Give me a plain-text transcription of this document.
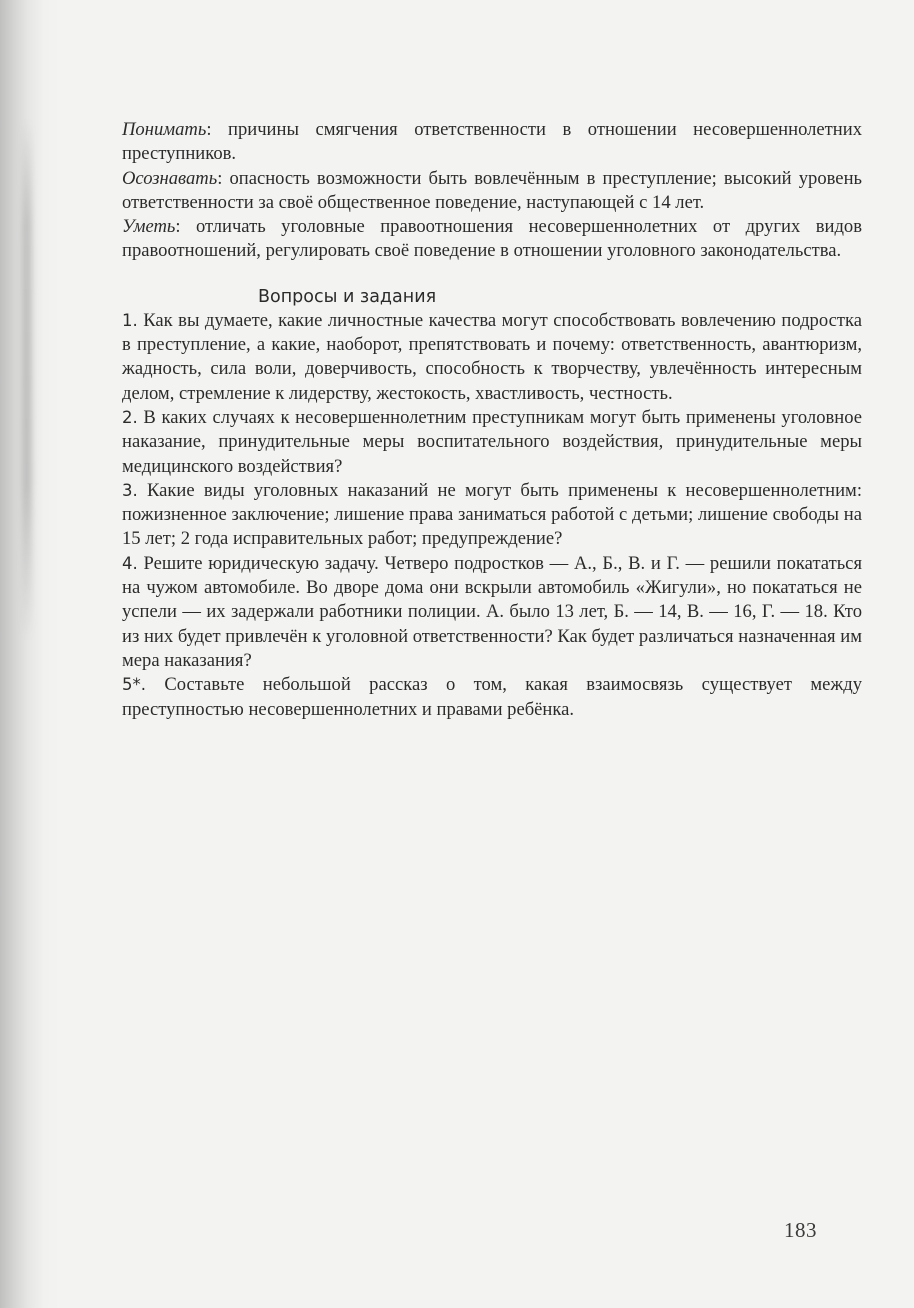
Понимать: причины смягчения ответственности в отношении несовершеннолетних преступников.

Осознавать: опасность возможности быть вовлечённым в преступление; высокий уровень ответственности за своё общественное поведение, наступающей с 14 лет.

Уметь: отличать уголовные правоотношения несовершеннолетних от других видов правоотношений, регулировать своё поведение в отношении уголовного законодательства.

Вопросы и задания
1. Как вы думаете, какие личностные качества могут способствовать вовлечению подростка в преступление, а какие, наоборот, препятствовать и почему: ответственность, авантюризм, жадность, сила воли, доверчивость, способность к творчеству, увлечённость интересным делом, стремление к лидерству, жестокость, хвастливость, честность.
2. В каких случаях к несовершеннолетним преступникам могут быть применены уголовное наказание, принудительные меры воспитательного воздействия, принудительные меры медицинского воздействия?
3. Какие виды уголовных наказаний не могут быть применены к несовершеннолетним: пожизненное заключение; лишение права заниматься работой с детьми; лишение свободы на 15 лет; 2 года исправительных работ; предупреждение?
4. Решите юридическую задачу. Четверо подростков — А., Б., В. и Г. — решили покататься на чужом автомобиле. Во дворе дома они вскрыли автомобиль «Жигули», но покататься не успели — их задержали работники полиции. А. было 13 лет, Б. — 14, В. — 16, Г. — 18. Кто из них будет привлечён к уголовной ответственности? Как будет различаться назначенная им мера наказания?
5*. Составьте небольшой рассказ о том, какая взаимосвязь существует между преступностью несовершеннолетних и правами ребёнка.
183
